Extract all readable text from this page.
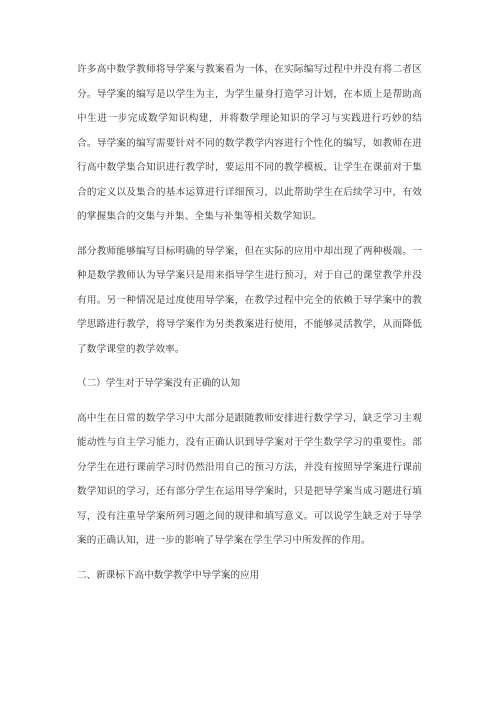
许多高中数学教师将导学案与教案看为一体，在实际编写过程中并没有将二者区分。导学案的编写是以学生为主，为学生量身打造学习计划，在本质上是帮助高中生进一步完成数学知识构建，并将数学理论知识的学习与实践进行巧妙的结合。导学案的编写需要针对不同的数学教学内容进行个性化的编写，如教师在进行高中数学集合知识进行教学时，要运用不同的教学模板，让学生在课前对于集合的定义以及集合的基本运算进行详细预习，以此帮助学生在后续学习中，有效的掌握集合的交集与并集、全集与补集等相关数学知识。

部分教师能够编写目标明确的导学案，但在实际的应用中却出现了两种极端。一种是数学教师认为导学案只是用来指导学生进行预习，对于自己的课堂教学并没有用。另一种情况是过度使用导学案，在教学过程中完全的依赖于导学案中的教学思路进行教学，将导学案作为另类教案进行使用，不能够灵活教学，从而降低了数学课堂的教学效率。

（二）学生对于导学案没有正确的认知

高中生在日常的数学学习中大部分是跟随教师安排进行数学学习，缺乏学习主观能动性与自主学习能力，没有正确认识到导学案对于学生数学学习的重要性。部分学生在进行课前学习时仍然沿用自己的预习方法，并没有按照导学案进行课前数学知识的学习，还有部分学生在运用导学案时，只是把导学案当成习题进行填写，没有注重导学案所列习题之间的规律和填写意义。可以说学生缺乏对于导学案的正确认知，进一步的影响了导学案在学生学习中所发挥的作用。

二、新课标下高中数学教学中导学案的应用
